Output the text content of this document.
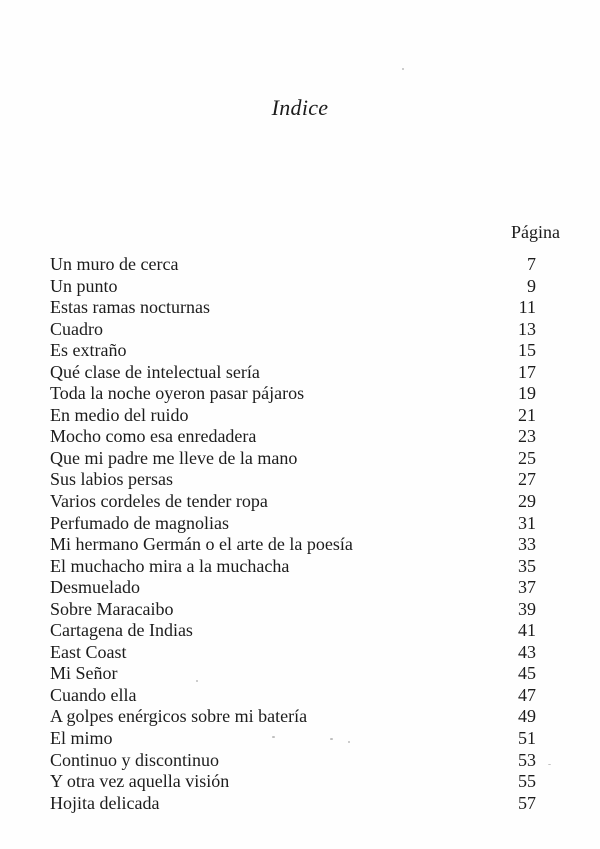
Indice
Página
Un muro de cerca	7
Un punto	9
Estas ramas nocturnas	11
Cuadro	13
Es extraño	15
Qué clase de intelectual sería	17
Toda la noche oyeron pasar pájaros	19
En medio del ruido	21
Mocho como esa enredadera	23
Que mi padre me lleve de la mano	25
Sus labios persas	27
Varios cordeles de tender ropa	29
Perfumado de magnolias	31
Mi hermano Germán o el arte de la poesía	33
El muchacho mira a la muchacha	35
Desmuelado	37
Sobre Maracaibo	39
Cartagena de Indias	41
East Coast	43
Mi Señor	45
Cuando ella	47
A golpes enérgicos sobre mi batería	49
El mimo	51
Continuo y discontinuo	53
Y otra vez aquella visión	55
Hojita delicada	57
